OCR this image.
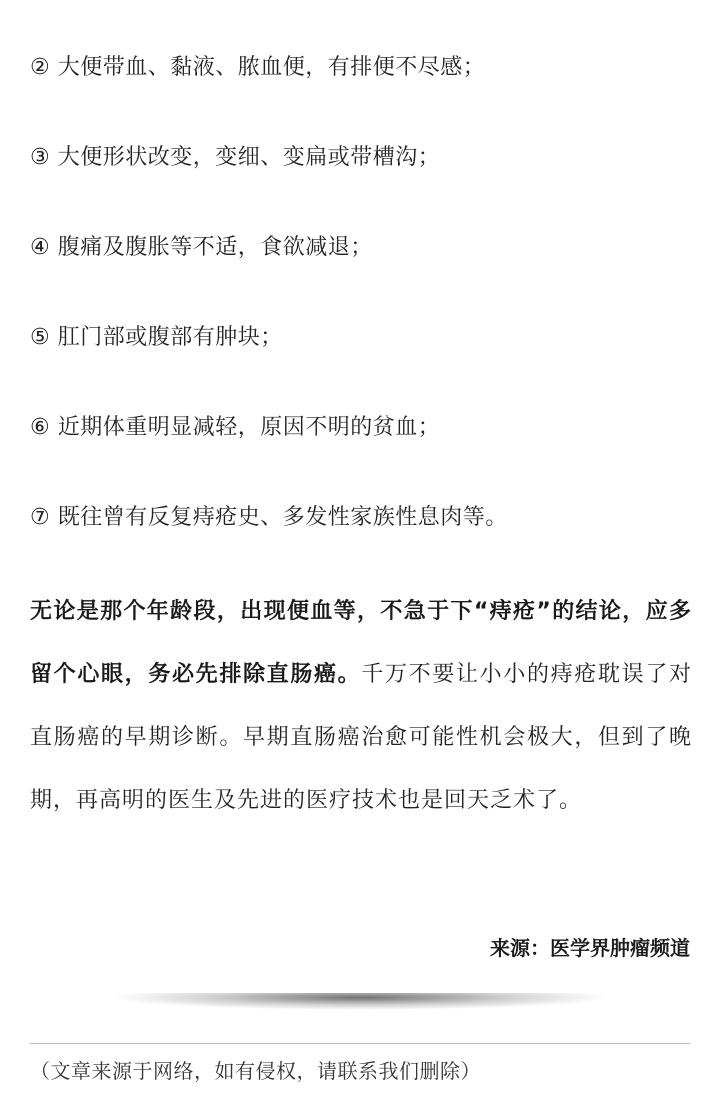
② 大便带血、黏液、脓血便，有排便不尽感；
③ 大便形状改变，变细、变扁或带槽沟；
④ 腹痛及腹胀等不适，食欲减退；
⑤ 肛门部或腹部有肿块；
⑥ 近期体重明显减轻，原因不明的贫血；
⑦ 既往曾有反复痔疮史、多发性家族性息肉等。
无论是那个年龄段，出现便血等，不急于下“痔疮”的结论，应多留个心眼，务必先排除直肠癌。千万不要让小小的痔疮耽误了对直肠癌的早期诊断。早期直肠癌治愈可能性机会极大，但到了晚期，再高明的医生及先进的医疗技术也是回天乏术了。
来源：医学界肿瘤频道
（文章来源于网络，如有侵权，请联系我们删除）
